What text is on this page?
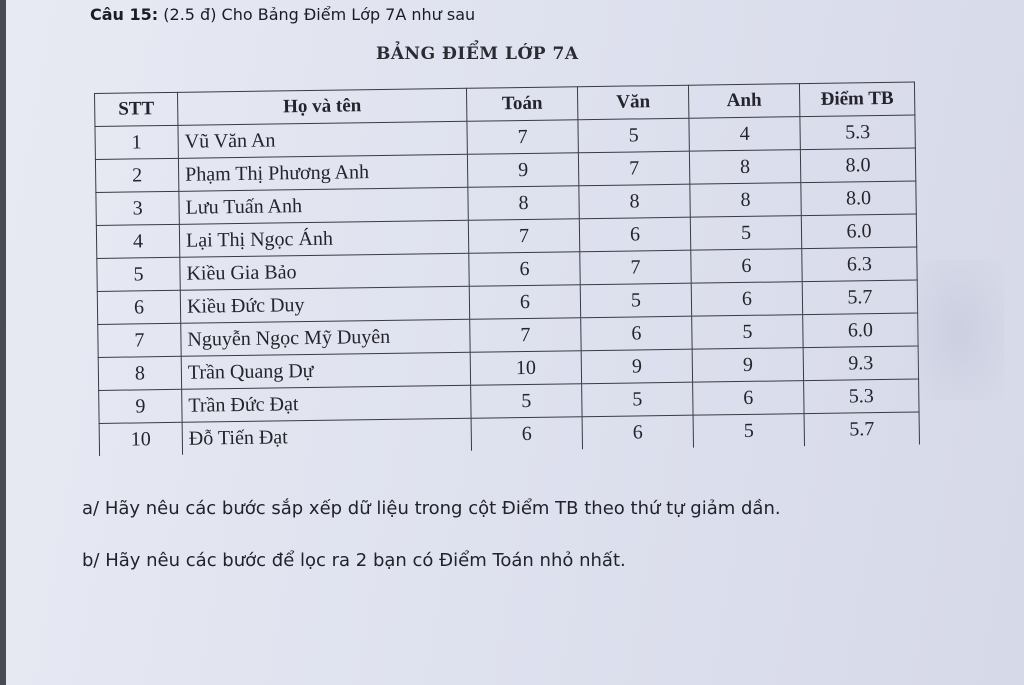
Câu 15: (2.5 đ) Cho Bảng Điểm Lớp 7A như sau
BẢNG ĐIỂM LỚP 7A
STT	Họ và tên	Toán	Văn	Anh	Điểm TB
1	Vũ Văn An	7	5	4	5.3
2	Phạm Thị Phương Anh	9	7	8	8.0
3	Lưu Tuấn Anh	8	8	8	8.0
4	Lại Thị Ngọc Ánh	7	6	5	6.0
5	Kiều Gia Bảo	6	7	6	6.3
6	Kiều Đức Duy	6	5	6	5.7
7	Nguyễn Ngọc Mỹ Duyên	7	6	5	6.0
8	Trần Quang Dự	10	9	9	9.3
9	Trần Đức Đạt	5	5	6	5.3
10	Đỗ Tiến Đạt	6	6	5	5.7
a/ Hãy nêu các bước sắp xếp dữ liệu trong cột Điểm TB theo thứ tự giảm dần.
b/ Hãy nêu các bước để lọc ra 2 bạn có Điểm Toán nhỏ nhất.
